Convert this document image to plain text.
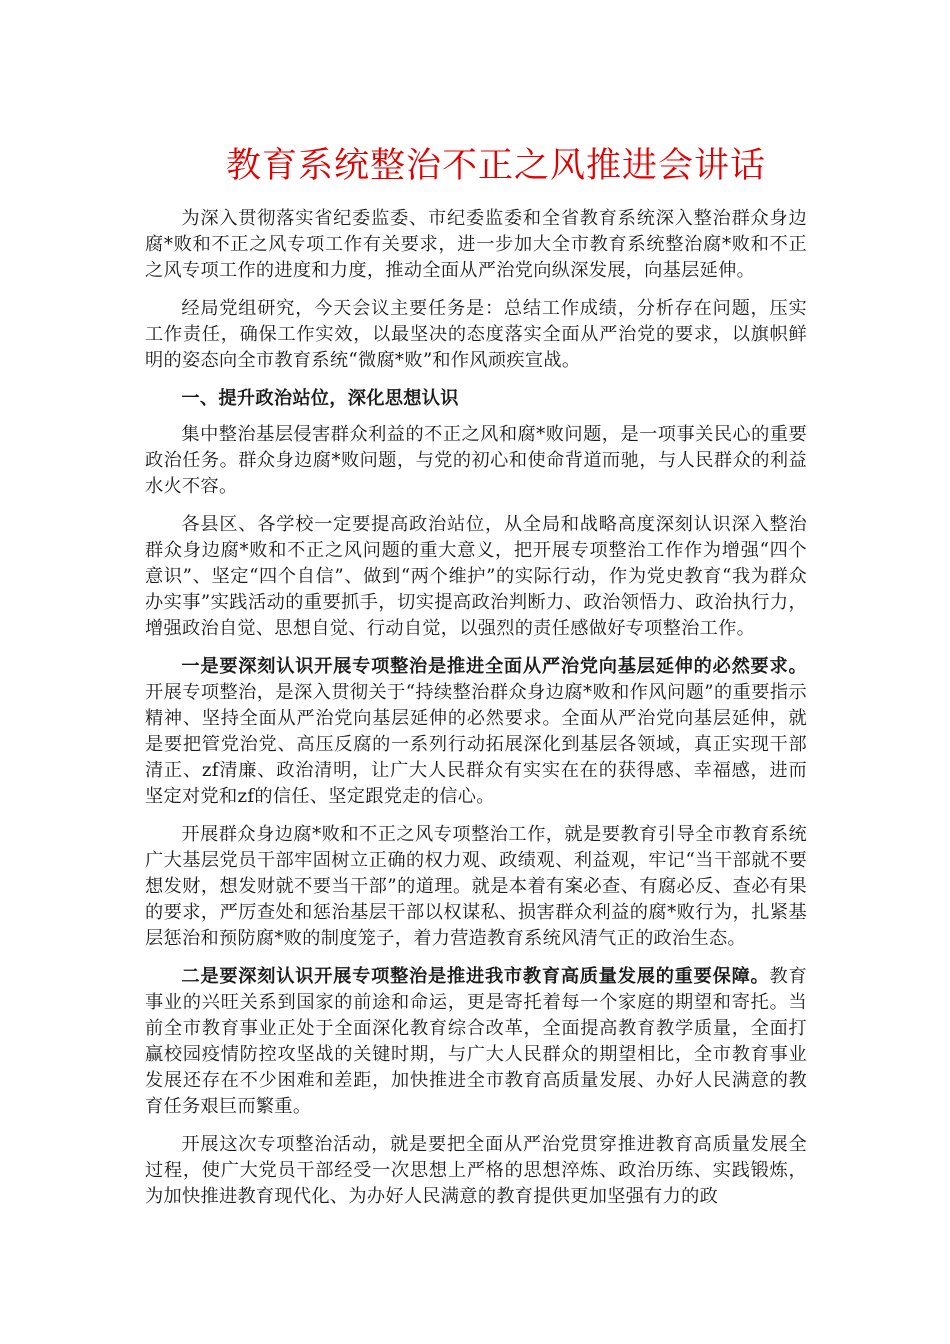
教育系统整治不正之风推进会讲话

为深入贯彻落实省纪委监委、市纪委监委和全省教育系统深入整治群众身边腐*败和不正之风专项工作有关要求，进一步加大全市教育系统整治腐*败和不正之风专项工作的进度和力度，推动全面从严治党向纵深发展，向基层延伸。

经局党组研究，今天会议主要任务是：总结工作成绩，分析存在问题，压实工作责任，确保工作实效，以最坚决的态度落实全面从严治党的要求，以旗帜鲜明的姿态向全市教育系统“微腐*败”和作风顽疾宣战。

一、提升政治站位，深化思想认识

集中整治基层侵害群众利益的不正之风和腐*败问题，是一项事关民心的重要政治任务。群众身边腐*败问题，与党的初心和使命背道而驰，与人民群众的利益水火不容。

各县区、各学校一定要提高政治站位，从全局和战略高度深刻认识深入整治群众身边腐*败和不正之风问题的重大意义，把开展专项整治工作作为增强“四个意识”、坚定“四个自信”、做到“两个维护”的实际行动，作为党史教育“我为群众办实事”实践活动的重要抓手，切实提高政治判断力、政治领悟力、政治执行力，增强政治自觉、思想自觉、行动自觉，以强烈的责任感做好专项整治工作。

一是要深刻认识开展专项整治是推进全面从严治党向基层延伸的必然要求。开展专项整治，是深入贯彻关于“持续整治群众身边腐*败和作风问题”的重要指示精神、坚持全面从严治党向基层延伸的必然要求。全面从严治党向基层延伸，就是要把管党治党、高压反腐的一系列行动拓展深化到基层各领域，真正实现干部清正、zf清廉、政治清明，让广大人民群众有实实在在的获得感、幸福感，进而坚定对党和zf的信任、坚定跟党走的信心。

开展群众身边腐*败和不正之风专项整治工作，就是要教育引导全市教育系统广大基层党员干部牢固树立正确的权力观、政绩观、利益观，牢记“当干部就不要想发财，想发财就不要当干部”的道理。就是本着有案必查、有腐必反、查必有果的要求，严厉查处和惩治基层干部以权谋私、损害群众利益的腐*败行为，扎紧基层惩治和预防腐*败的制度笼子，着力营造教育系统风清气正的政治生态。

二是要深刻认识开展专项整治是推进我市教育高质量发展的重要保障。教育事业的兴旺关系到国家的前途和命运，更是寄托着每一个家庭的期望和寄托。当前全市教育事业正处于全面深化教育综合改革，全面提高教育教学质量，全面打赢校园疫情防控攻坚战的关键时期，与广大人民群众的期望相比，全市教育事业发展还存在不少困难和差距，加快推进全市教育高质量发展、办好人民满意的教育任务艰巨而繁重。

开展这次专项整治活动，就是要把全面从严治党贯穿推进教育高质量发展全过程，使广大党员干部经受一次思想上严格的思想淬炼、政治历练、实践锻炼，为加快推进教育现代化、为办好人民满意的教育提供更加坚强有力的政
